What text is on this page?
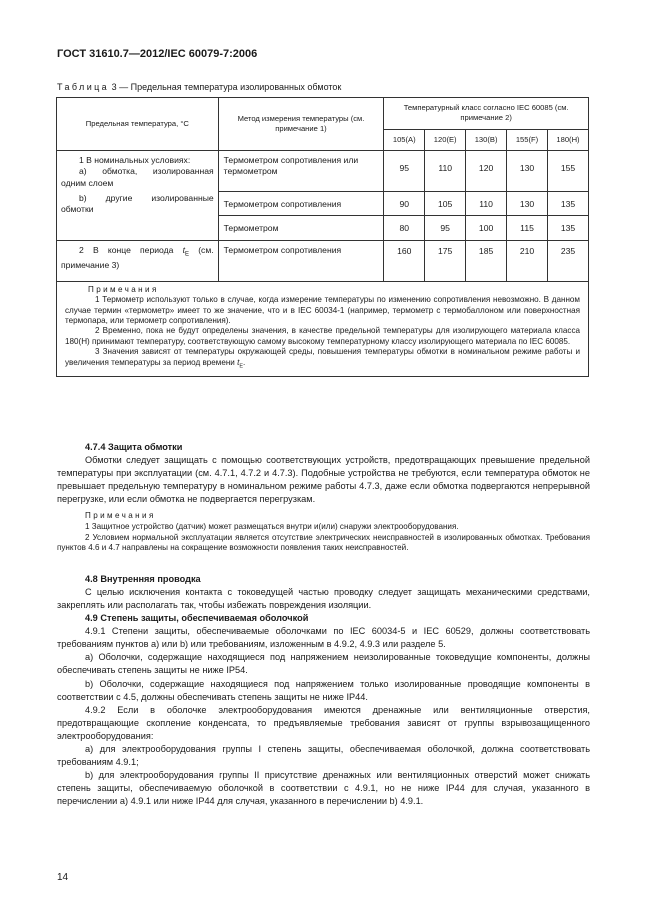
ГОСТ 31610.7—2012/IEC 60079-7:2006
Таблица 3 — Предельная температура изолированных обмоток
Предельная температура, °С	Метод измерения температуры (см. примечание 1)	Температурный класс согласно IEC 60085 (см. примечание 2)				
		105(A)	120(E)	130(B)	155(F)	180(H)

1 В номинальных условиях:
а) обмотка, изолированная одним слоем
b) другие изолированные обмотки	Термометром сопротивления или термометром	95	110	120	130	155
	Термометром сопротивления	90	105	110	130	135
	Термометром	80	95	100	115	135
2 В конце периода $t_E$ (см. примечание 3)	Термометром сопротивления	160	175	185	210	235

Примечания

1 Термометр используют только в случае, когда измерение температуры по изменению сопротивления невозможно. В данном случае термин «термометр» имеет то же значение, что и в IEC 60034-1 (например, термометр с термобаллоном или поверхностная термопара, или термометр сопротивления).

2 Временно, пока не будут определены значения, в качестве предельной температуры для изолирующего материала класса 180(Н) принимают температуру, соответствующую самому высокому температурному классу изолирующего материала по IEC 60085.

3 Значения зависят от температуры окружающей среды, повышения температуры обмотки в номинальном режиме работы и увеличения температуры за период времени $t_E$.						

4.7.4 Защита обмотки

Обмотки следует защищать с помощью соответствующих устройств, предотвращающих превышение предельной температуры при эксплуатации (см. 4.7.1, 4.7.2 и 4.7.3). Подобные устройства не требуются, если температура обмоток не превышает предельную температуру в номинальном режиме работы 4.7.3, даже если обмотка подвергаются непрерывной перегрузке, или если обмотка не подвергается перегрузкам.

Примечания

1 Защитное устройство (датчик) может размещаться внутри и(или) снаружи электрооборудования.

2 Условием нормальной эксплуатации является отсутствие электрических неисправностей в изолированных обмотках. Требования пунктов 4.6 и 4.7 направлены на сокращение возможности появления таких неисправностей.

4.8 Внутренняя проводка

С целью исключения контакта с токоведущей частью проводку следует защищать механическими средствами, закреплять или располагать так, чтобы избежать повреждения изоляции.

4.9 Степень защиты, обеспечиваемая оболочкой

4.9.1 Степени защиты, обеспечиваемые оболочками по IEC 60034-5 и IEC 60529, должны соответствовать требованиям пунктов а) или b) или требованиям, изложенным в 4.9.2, 4.9.3 или разделе 5.

а) Оболочки, содержащие находящиеся под напряжением неизолированные токоведущие компоненты, должны обеспечивать степень защиты не ниже IP54.

b) Оболочки, содержащие находящиеся под напряжением только изолированные проводящие компоненты в соответствии с 4.5, должны обеспечивать степень защиты не ниже IP44.

4.9.2 Если в оболочке электрооборудования имеются дренажные или вентиляционные отверстия, предотвращающие скопление конденсата, то предъявляемые требования зависят от группы взрывозащищенного электрооборудования:

а) для электрооборудования группы I степень защиты, обеспечиваемая оболочкой, должна соответствовать требованиям 4.9.1;

b) для электрооборудования группы II присутствие дренажных или вентиляционных отверстий может снижать степень защиты, обеспечиваемую оболочкой в соответствии с 4.9.1, но не ниже IP44 для случая, указанного в перечислении а) 4.9.1 или ниже IP44 для случая, указанного в перечислении b) 4.9.1.

14
